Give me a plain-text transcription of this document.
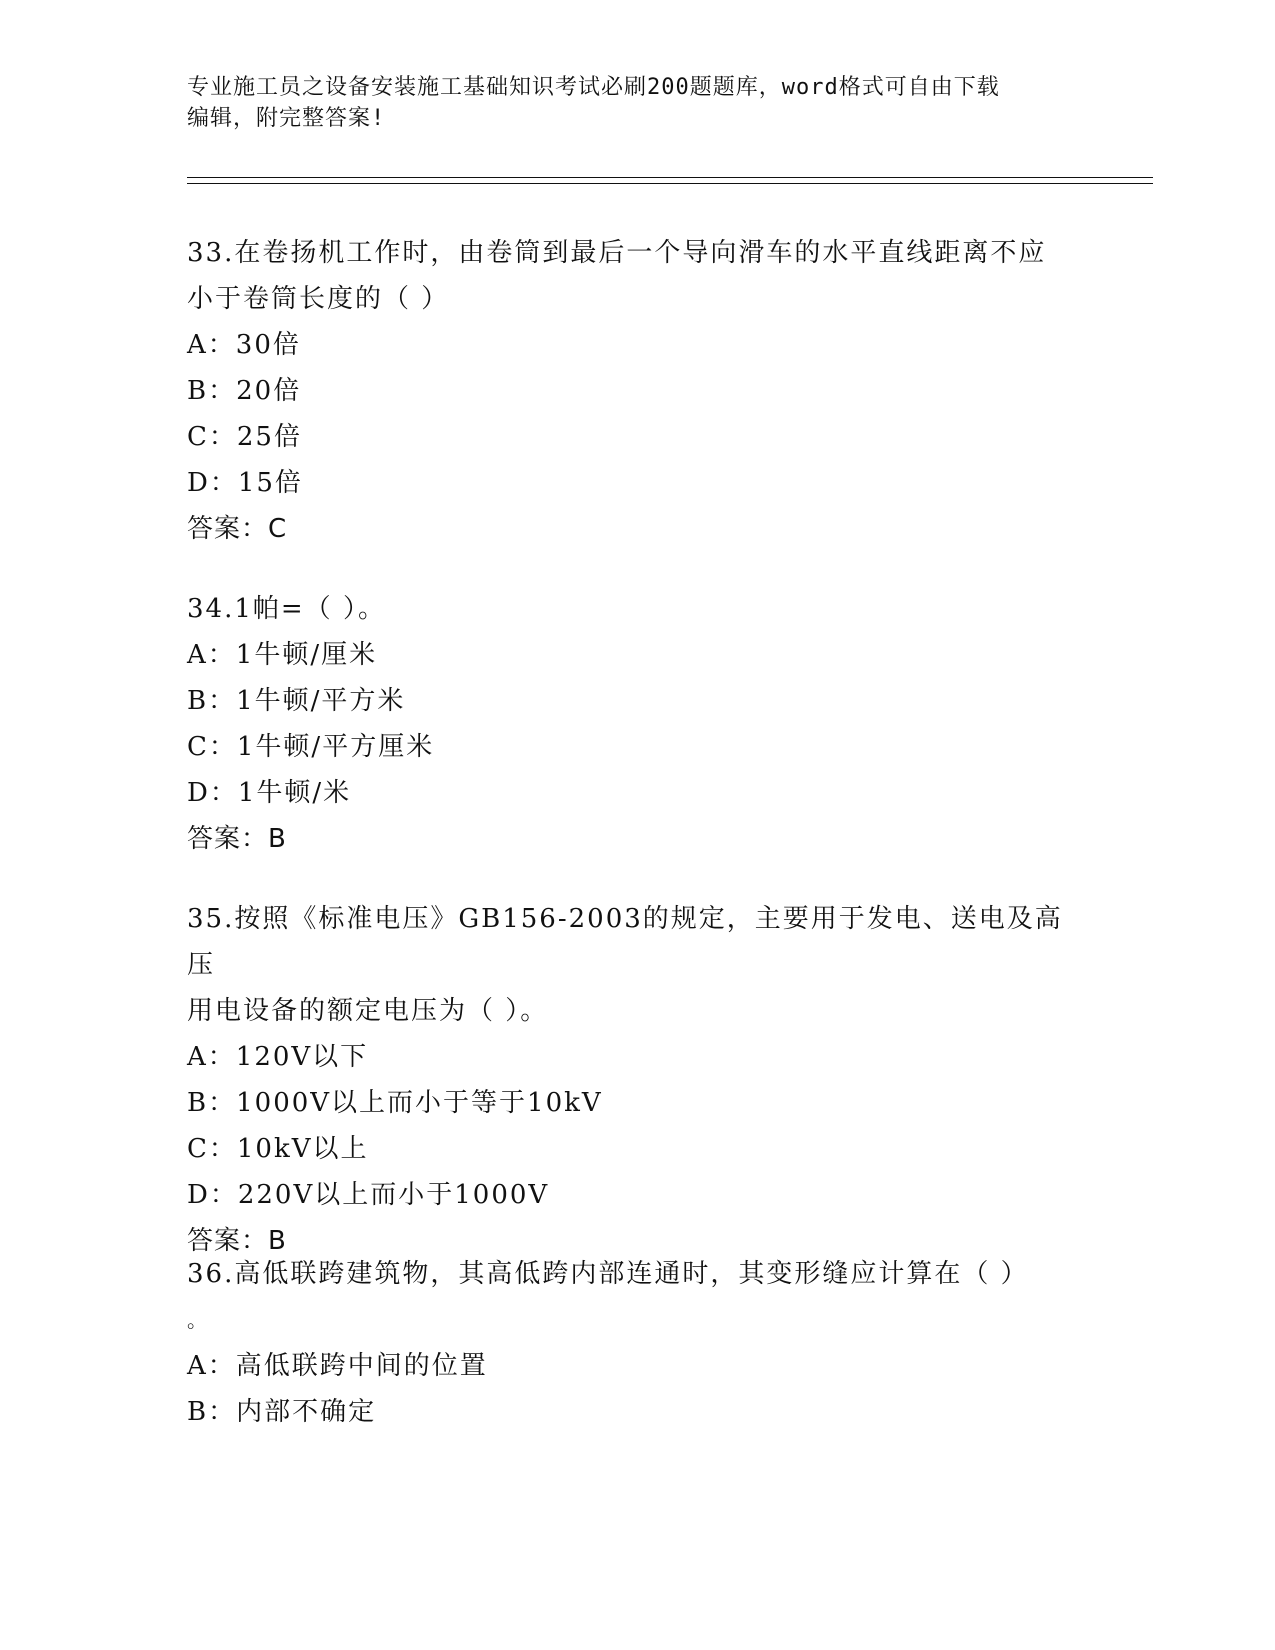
专业施工员之设备安装施工基础知识考试必刷200题题库，word格式可自由下载
编辑，附完整答案!
33.在卷扬机工作时，由卷筒到最后一个导向滑车的水平直线距离不应
小于卷筒长度的（ ）
A：30倍
B：20倍
C：25倍
D：15倍
答案：C
34.1帕=（ ）。
A：1牛顿/厘米
B：1牛顿/平方米
C：1牛顿/平方厘米
D：1牛顿/米
答案：B
35.按照《标准电压》GB156-2003的规定，主要用于发电、送电及高压
用电设备的额定电压为（ ）。
A：120V以下
B：1000V以上而小于等于10kV
C：10kV以上
D：220V以上而小于1000V
答案：B
36.高低联跨建筑物，其高低跨内部连通时，其变形缝应计算在（ ）
。
A：高低联跨中间的位置
B：内部不确定
